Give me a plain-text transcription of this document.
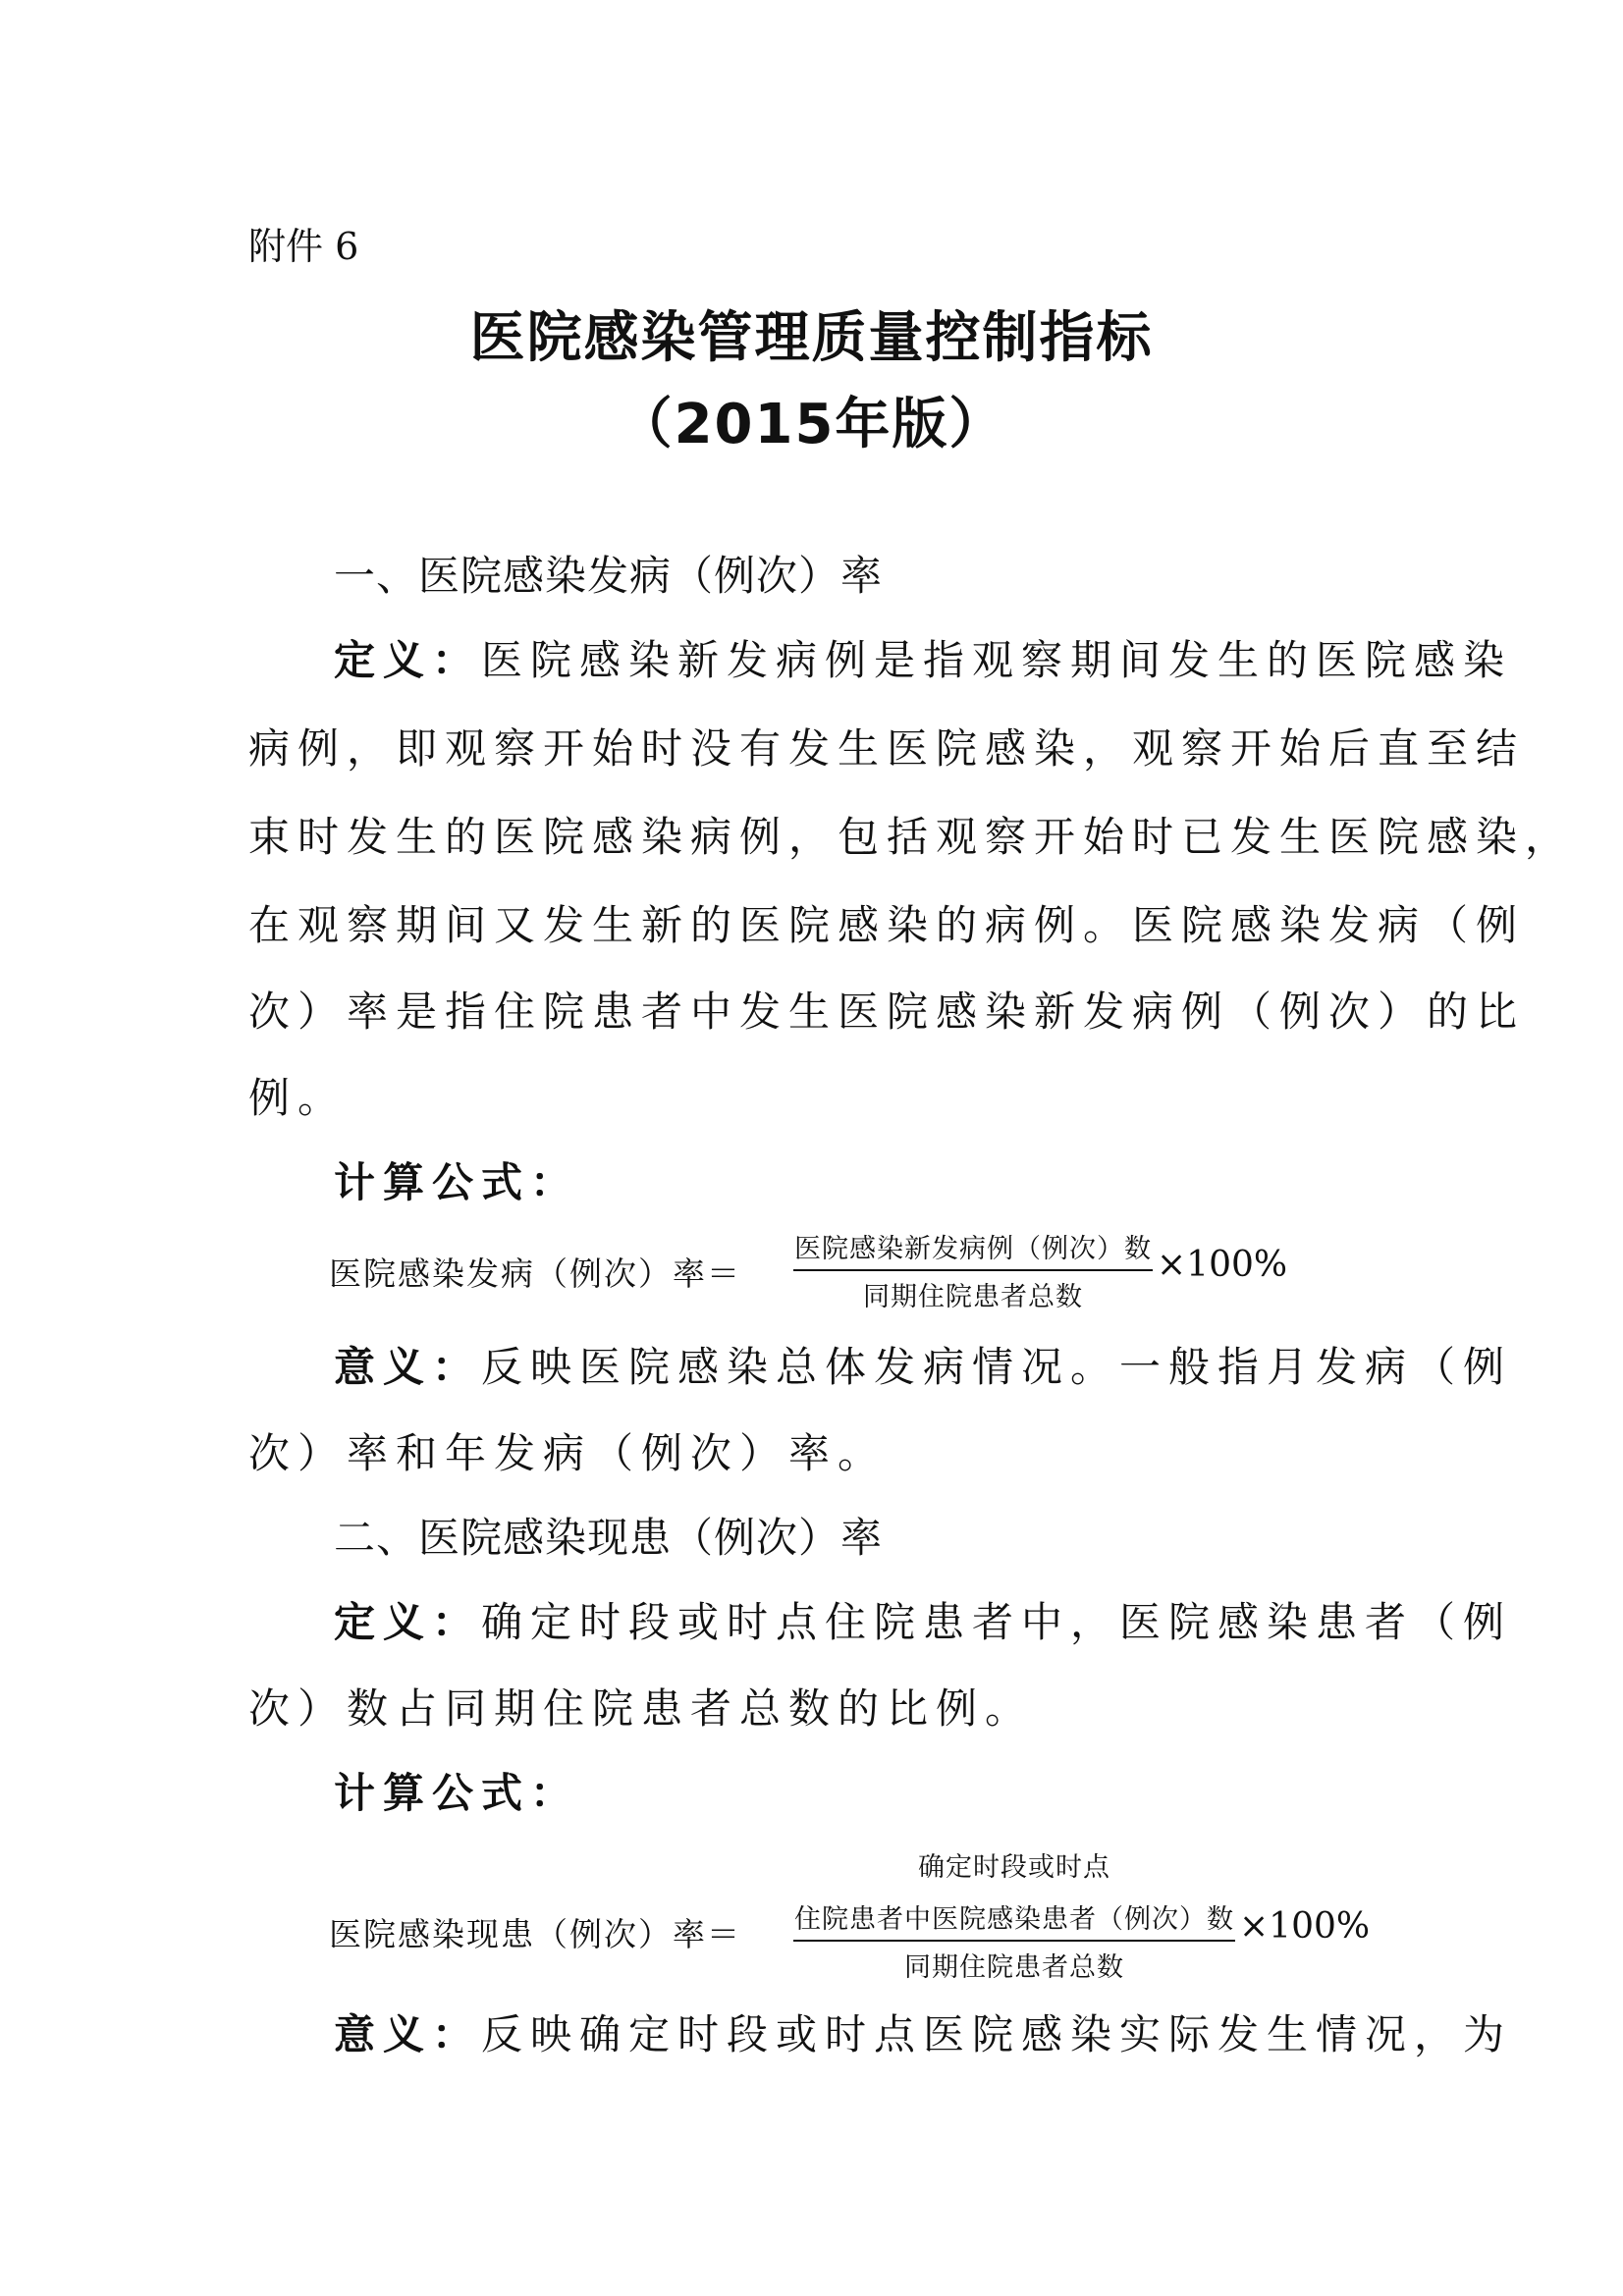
附件 6
医院感染管理质量控制指标
（2015年版）
一、医院感染发病（例次）率
定义：医院感染新发病例是指观察期间发生的医院感染
病例，即观察开始时没有发生医院感染，观察开始后直至结
束时发生的医院感染病例，包括观察开始时已发生医院感染，
在观察期间又发生新的医院感染的病例。医院感染发病（例
次）率是指住院患者中发生医院感染新发病例（例次）的比
例。
计算公式：
医院感染发病（例次）率＝
医院感染新发病例（例次）数
同期住院患者总数
×100%
意义：反映医院感染总体发病情况。一般指月发病（例
次）率和年发病（例次）率。
二、医院感染现患（例次）率
定义：确定时段或时点住院患者中，医院感染患者（例
次）数占同期住院患者总数的比例。
计算公式：
医院感染现患（例次）率＝
确定时段或时点
住院患者中医院感染患者（例次）数
同期住院患者总数
×100%
意义：反映确定时段或时点医院感染实际发生情况，为
